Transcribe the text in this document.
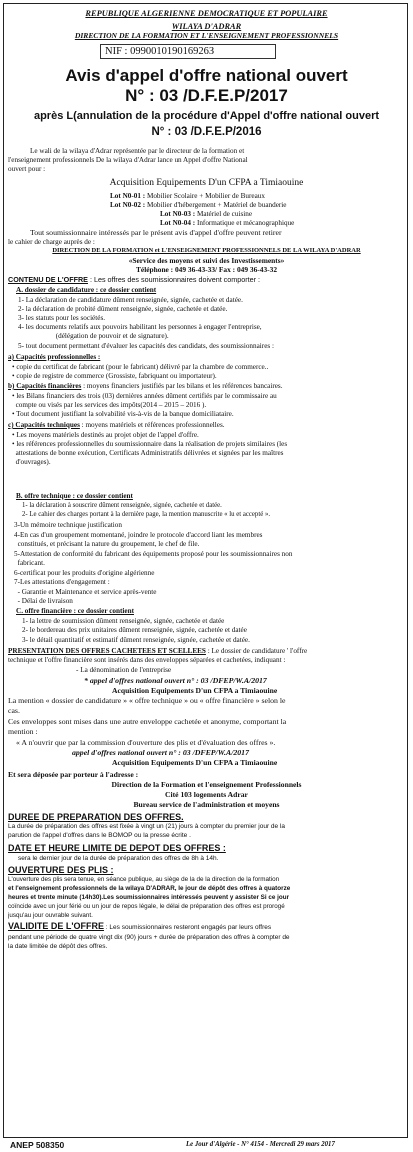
REPUBLIQUE ALGERIENNE DEMOCRATIQUE ET POPULAIRE
WILAYA D'ADRAR
DIRECTION DE LA FORMATION ET L'ENSEIGNEMENT PROFESSIONNELS
NIF : 099001019016926З
Avis d'appel d'offre national ouvert
N° : 03 /D.F.E.P/2017
après L(annulation de la procédure d'Appel d'offre national ouvert
N° : 03 /D.F.E.P/2016
Le wali de la wilaya d'Adrar représentée par le directeur de la formation et
l'enseignement professionnels De la wilaya d'Adrar lance un Appel d'offre National
ouvert pour :
Acquisition Equipements D'un CFPA a Timiaouine
Lot N0-01 : Mobilier Scolaire + Mobilier de Bureaux
Lot N0-02 : Mobilier d'hébergement + Matériel de buanderie
Lot N0-03 : Matériel de cuisine
Lot N0-04 : Informatique et mécanographique
Tout soumissionnaire intéressés par le présent avis d'appel d'offre peuvent retirer
le cahier de charge auprès de :
DIRECTION DE LA FORMATION et L'ENSEIGNEMENT PROFESSIONNELS DE LA WILAYA D'ADRAR
«Service des moyens et suivi des Investissements»
Téléphone : 049 36-43-33/ Fax : 049 36-43-32
CONTENU DE L'OFFRE : Les offres des soumissionnaires doivent comporter :
A. dossier de candidature : ce dossier contient
1- La déclaration de candidature dûment renseignée, signée, cachetée et datée.
2- la déclaration de probité dûment renseignée, signée, cachetée et datée.
3- les statuts pour les sociétés.
4- les documents relatifs aux pouvoirs habilitant les personnes à engager l'entreprise,
(délégation de pouvoir et de signature).
5- tout document permettant d'évaluer les capacités des candidats, des soumissionnaires :
a) Capacités professionnelles :
• copie du certificat de fabricant (pour le fabricant) délivré par la chambre de commerce..
• copie de registre de commerce (Grossiste, fabriquant ou importateur).
b) Capacités financières : moyens financiers justifiés par les bilans et les références bancaires.
• les Bilans financiers des trois (03) dernières années dûment certifiés par le commissaire au
compte ou visés par les services des impôts(2014 – 2015 – 2016 ).
• Tout document justifiant la solvabilité vis-à-vis de la banque domiciliataire.
c) Capacités techniques : moyens matériels et références professionnelles.
• Les moyens matériels destinés au projet objet de l'appel d'offre.
• les références professionnelles du soumissionnaire dans la réalisation de projets similaires (les
attestations de bonne exécution, Certificats Administratifs délivrées et signées par les maîtres
d'ouvrages).
B. offre technique : ce dossier contient
1- la déclaration à souscrire dûment renseignée, signée, cachetée et datée.
2- Le cahier des charges portant à la dernière page, la mention manuscrite « lu et accepté ».
3-Un mémoire technique justification
4-En cas d'un groupement momentané, joindre le protocole d'accord liant les membres
constitués, et précisant la nature du groupement, le chef de file.
5-Attestation de conformité du fabricant des équipements proposé pour les soumissionnaires non
fabricant.
6-certificat pour les produits d'origine algérienne
7-Les attestations d'engagement :
- Garantie et Maintenance et service après-vente
- Délai de livraison
C. offre financière : ce dossier contient
1- la lettre de soumission dûment renseignée, signée, cachetée et datée
2- le bordereau des prix unitaires dûment renseignée, signée, cachetée et datée
3- le détail quantitatif et estimatif dûment renseignée, signée, cachetée et datée.
PRESENTATION DES OFFRES CACHETEES ET SCELLEES : Le dossier de candidature ' l'offre
technique et l'offre financière sont insérés dans des enveloppes séparées et cachetées, indiquant :
- La dénomination de l'entreprise
* appel d'offres national ouvert n° : 03 /DFEP/W.A/2017
Acquisition Equipements D'un CFPA a Timiaouine
La mention « dossier de candidature » « offre technique » ou « offre financière » selon le
cas.
Ces enveloppes sont mises dans une autre enveloppe cachetée et anonyme, comportant la
mention :
« A n'ouvrir que par la commission d'ouverture des plis et d'évaluation des offres ».
appel d'offres national ouvert n° : 03 /DFEP/W.A/2017
Acquisition Equipements D'un CFPA a Timiaouine
Et sera déposée par porteur à l'adresse :
Direction de la Formation et l'enseignement Professionnels
Cité 103 logements Adrar
Bureau service de l'administration et moyens
DUREE DE PREPARATION DES OFFRES.
La durée de préparation des offres est fixée à vingt un (21) jours à compter du premier jour de la
parution de l'appel d'offres dans le BOMOP ou la presse écrite .
DATE ET HEURE LIMITE DE DEPOT DES OFFRES :
sera le dernier jour de la durée de préparation des offres de 8h à 14h.
OUVERTURE DES PLIS :
L'ouverture des plis sera tenue, en séance publique, au siège de la de la direction de la formation
et l'enseignement professionnels de la wilaya D'ADRAR, le jour de dépôt des offres à quatorze
heures et trente minute (14h30).Les soumissionnaires intéressés peuvent y assister Si ce jour
coïncide avec un jour férié ou un jour de repos légale, le délai de préparation des offres est prorogé
jusqu'au jour ouvrable suivant.
VALIDITE DE L'OFFRE : Les soumissionnaires resteront engagés par leurs offres
pendant une période de quatre vingt dix (90) jours + durée de préparation des offres à compter de
la date limitée de dépôt des offres.
ANEP 508350	Le Jour d'Algérie - N° 4154 - Mercredi 29 mars 2017
